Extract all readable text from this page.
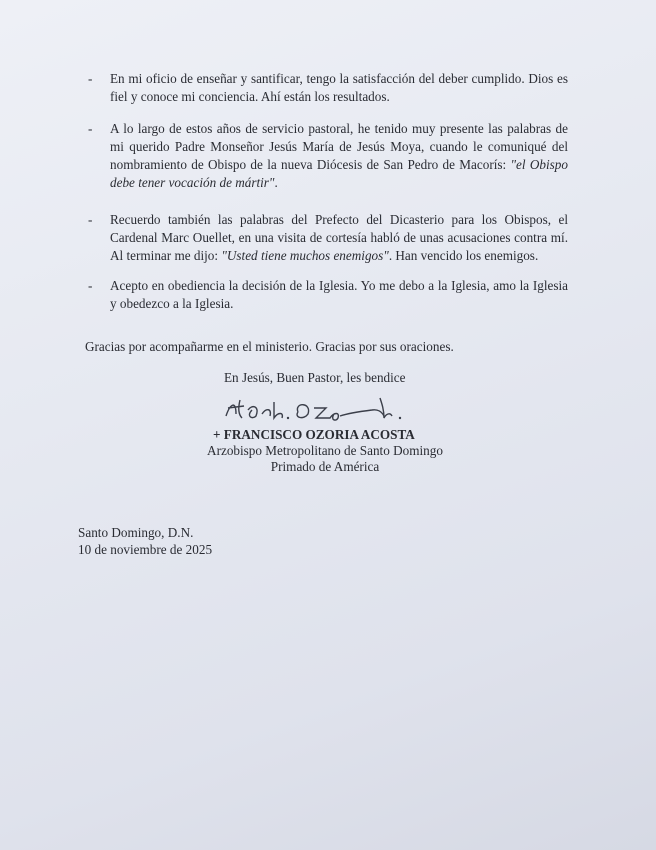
- En mi oficio de enseñar y santificar, tengo la satisfacción del deber cumplido. Dios es fiel y conoce mi conciencia. Ahí están los resultados.
- A lo largo de estos años de servicio pastoral, he tenido muy presente las palabras de mi querido Padre Monseñor Jesús María de Jesús Moya, cuando le comuniqué del nombramiento de Obispo de la nueva Diócesis de San Pedro de Macorís: "el Obispo debe tener vocación de mártir".
- Recuerdo también las palabras del Prefecto del Dicasterio para los Obispos, el Cardenal Marc Ouellet, en una visita de cortesía habló de unas acusaciones contra mí. Al terminar me dijo: "Usted tiene muchos enemigos". Han vencido los enemigos.
- Acepto en obediencia la decisión de la Iglesia. Yo me debo a la Iglesia, amo la Iglesia y obedezco a la Iglesia.
Gracias por acompañarme en el ministerio. Gracias por sus oraciones.
En Jesús, Buen Pastor, les bendice
+ FRANCISCO OZORIA ACOSTA
Arzobispo Metropolitano de Santo Domingo
Primado de América
Santo Domingo, D.N.
10 de noviembre de 2025
